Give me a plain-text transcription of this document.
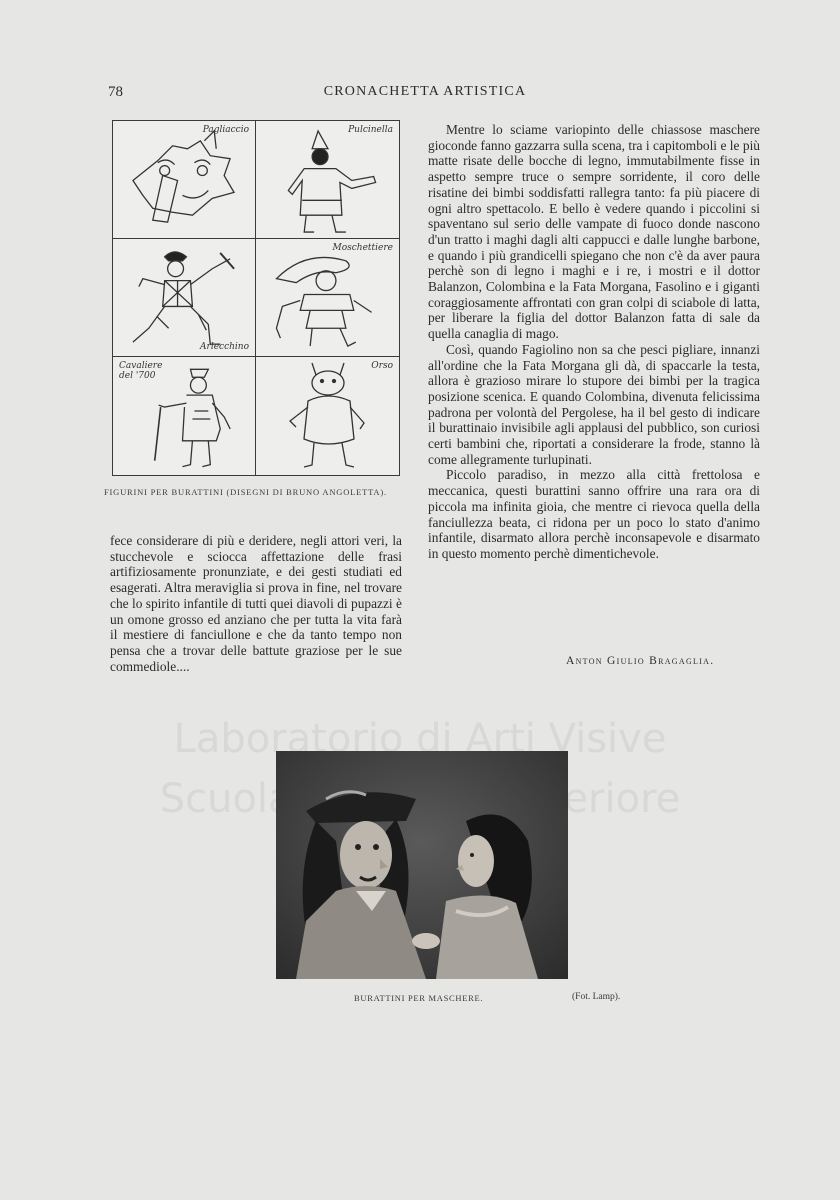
78	CRONACHETTA ARTISTICA
Pagliaccio	Pulcinella
Arlecchino
Moschettiere
Cavaliere del '700
Orso
FIGURINI PER BURATTINI (DISEGNI DI BRUNO ANGOLETTA).

Mentre lo sciame variopinto delle chiassose maschere gioconde fanno gazzarra sulla scena, tra i capitomboli e le più matte risate delle bocche di legno, immutabilmente fisse in aspetto sempre truce o sempre sorridente, il coro delle risatine dei bimbi soddisfatti rallegra tanto: fa più piacere di ogni altro spettacolo. E bello è vedere quando i piccolini si spaventano sul serio delle vampate di fuoco donde nascono d'un tratto i maghi dagli alti cappucci e dalle lunghe barbone, e quando i più grandicelli spiegano che non c'è da aver paura perchè son di legno i maghi e i re, i mostri e il dottor Balanzon, Colombina e la Fata Morgana, Fasolino e i giganti coraggiosamente affrontati con gran colpi di sciabole di latta, per liberare la figlia del dottor Balanzon fatta di sale da quella canaglia di mago.

Così, quando Fagiolino non sa che pesci pigliare, innanzi all'ordine che la Fata Morgana gli dà, di spaccarle la testa, allora è grazioso mirare lo stupore dei bimbi per la tragica posizione scenica. E quando Colombina, divenuta felicissima padrona per volontà del Pergolese, ha il bel gesto di indicare il burattinaio invisibile agli applausi del pubblico, son curiosi certi bambini che, riportati a considerare la frode, stanno là come allegramente turlupinati.

Piccolo paradiso, in mezzo alla città frettolosa e meccanica, questi burattini sanno offrire una rara ora di piccola ma infinita gioia, che mentre ci rievoca quella della fanciullezza beata, ci ridona per un poco lo stato d'animo infantile, disarmato allora perchè inconsapevole e disarmato in questo momento perchè dimentichevole.

fece considerare di più e deridere, negli attori veri, la stucchevole e sciocca affettazione delle frasi artifiziosamente pronunziate, e dei gesti studiati ed esagerati. Altra meraviglia si prova in fine, nel trovare che lo spirito infantile di tutti quei diavoli di pupazzi è un omone grosso ed anziano che per tutta la vita farà il mestiere di fanciullone e che da tanto tempo non pensa che a trovar delle battute graziose per le sue commediole....	Anton Giulio Bragaglia.
Laboratorio di Arti Visive
Scuola Superiore
BURATTINI PER MASCHERE.	(Fot. Lamp).
